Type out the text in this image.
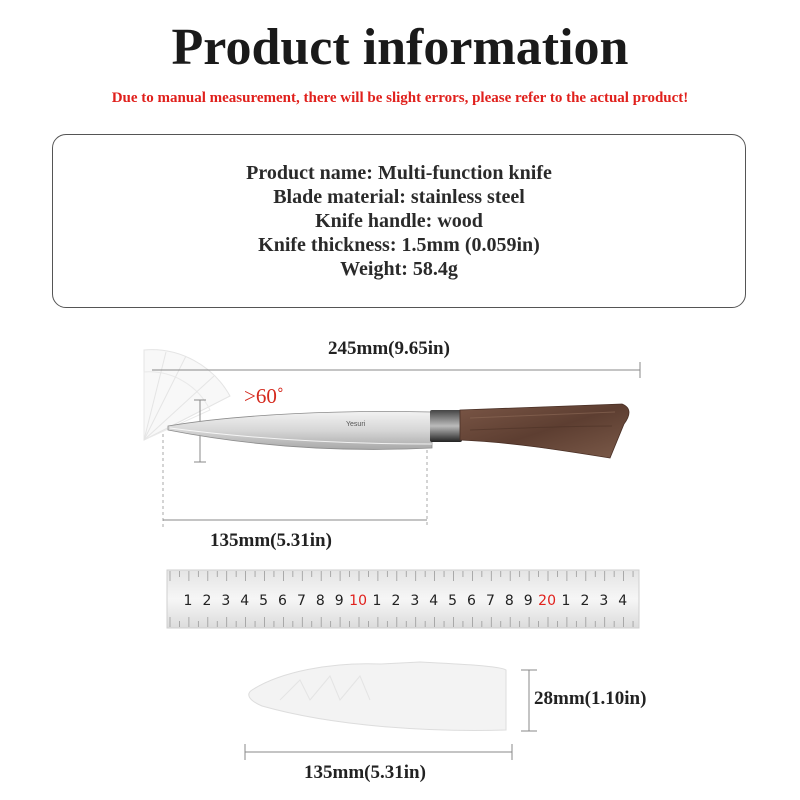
Product information
Due to manual measurement, there will be slight errors, please refer to the actual product!
Product name: Multi-function knife
Blade material: stainless steel
Knife handle: wood
Knife thickness: 1.5mm (0.059in)
Weight: 58.4g
Yesuri
1 2 3 4 5 6 7 8 9 10 1 2 3 4 5 6 7 8 9 20 1 2 3 4
245mm(9.65in)
>60˚
135mm(5.31in)
28mm(1.10in)
135mm(5.31in)
